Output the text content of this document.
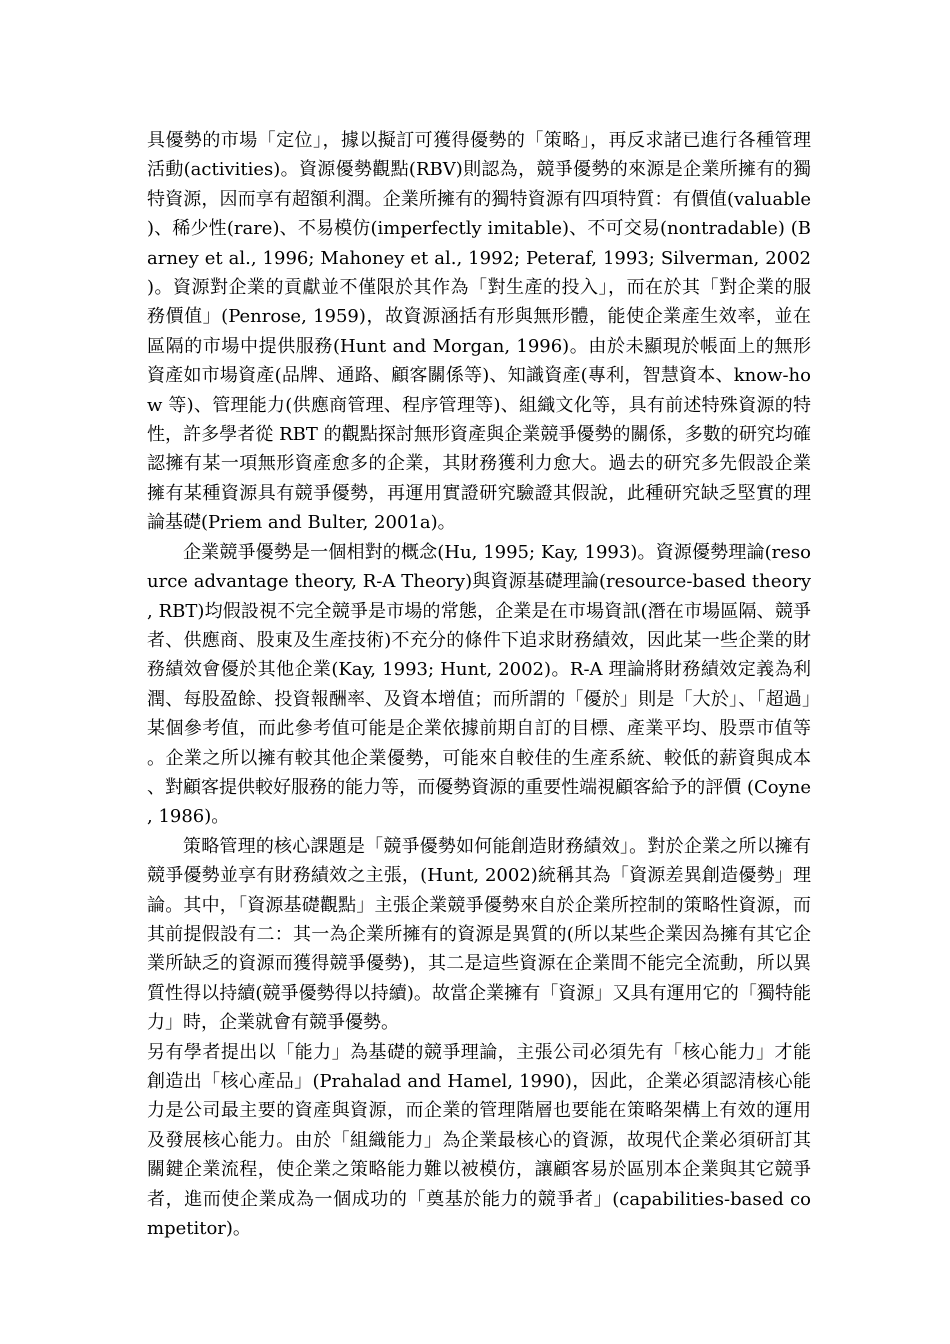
具優勢的市場「定位」，據以擬訂可獲得優勢的「策略」，再反求諸已進行各種管理活動(activities)。資源優勢觀點(RBV)則認為，競爭優勢的來源是企業所擁有的獨特資源，因而享有超額利潤。企業所擁有的獨特資源有四項特質：有價值(valuable)、稀少性(rare)、不易模仿(imperfectly imitable)、不可交易(nontradable) (Barney et al., 1996; Mahoney et al., 1992; Peteraf, 1993; Silverman, 2002)。資源對企業的貢獻並不僅限於其作為「對生產的投入」，而在於其「對企業的服務價值」(Penrose, 1959)，故資源涵括有形與無形體，能使企業產生效率，並在區隔的市場中提供服務(Hunt and Morgan, 1996)。由於未顯現於帳面上的無形資產如市場資產(品牌、通路、顧客關係等)、知識資產(專利，智慧資本、know-how 等)、管理能力(供應商管理、程序管理等)、組織文化等，具有前述特殊資源的特性，許多學者從 RBT 的觀點探討無形資產與企業競爭優勢的關係，多數的研究均確認擁有某一項無形資產愈多的企業，其財務獲利力愈大。過去的研究多先假設企業擁有某種資源具有競爭優勢，再運用實證研究驗證其假說，此種研究缺乏堅實的理論基礎(Priem and Bulter, 2001a)。

企業競爭優勢是一個相對的概念(Hu, 1995; Kay, 1993)。資源優勢理論(resource advantage theory, R-A Theory)與資源基礎理論(resource-based theory, RBT)均假設視不完全競爭是市場的常態，企業是在市場資訊(潛在市場區隔、競爭者、供應商、股東及生產技術)不充分的條件下追求財務績效，因此某一些企業的財務績效會優於其他企業(Kay, 1993; Hunt, 2002)。R-A 理論將財務績效定義為利潤、每股盈餘、投資報酬率、及資本增值；而所謂的「優於」則是「大於」、「超過」某個參考值，而此參考值可能是企業依據前期自訂的目標、產業平均、股票市值等。企業之所以擁有較其他企業優勢，可能來自較佳的生產系統、較低的薪資與成本、對顧客提供較好服務的能力等，而優勢資源的重要性端視顧客給予的評價 (Coyne, 1986)。

策略管理的核心課題是「競爭優勢如何能創造財務績效」。對於企業之所以擁有競爭優勢並享有財務績效之主張，(Hunt, 2002)統稱其為「資源差異創造優勢」理論。其中，「資源基礎觀點」主張企業競爭優勢來自於企業所控制的策略性資源，而其前提假設有二：其一為企業所擁有的資源是異質的(所以某些企業因為擁有其它企業所缺乏的資源而獲得競爭優勢)，其二是這些資源在企業間不能完全流動，所以異質性得以持續(競爭優勢得以持續)。故當企業擁有「資源」又具有運用它的「獨特能力」時，企業就會有競爭優勢。

另有學者提出以「能力」為基礎的競爭理論，主張公司必須先有「核心能力」才能創造出「核心產品」(Prahalad and Hamel, 1990)，因此，企業必須認清核心能力是公司最主要的資產與資源，而企業的管理階層也要能在策略架構上有效的運用及發展核心能力。由於「組織能力」為企業最核心的資源，故現代企業必須研訂其關鍵企業流程，使企業之策略能力難以被模仿，讓顧客易於區別本企業與其它競爭者，進而使企業成為一個成功的「奠基於能力的競爭者」(capabilities-based competitor)。
